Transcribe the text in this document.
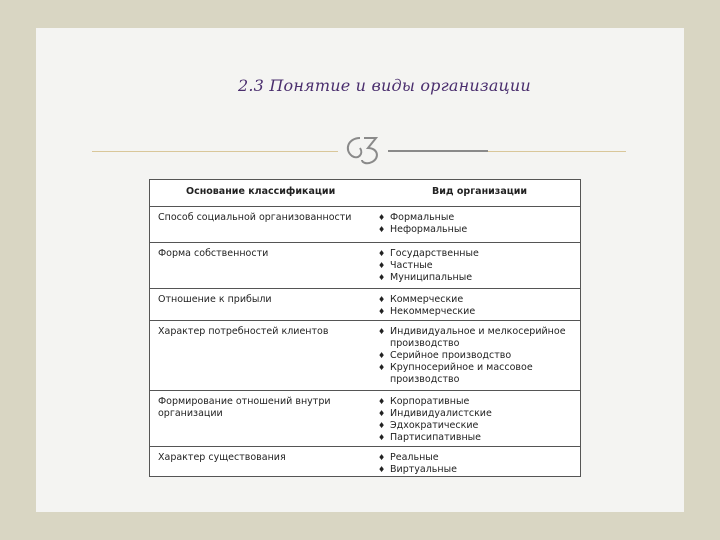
2.3 Понятие и виды организации
Основание классификации	Вид организации
Способ социальной организованности	♦ Формальные
♦ Неформальные
Форма собственности	♦ Государственные
♦ Частные
♦ Муниципальные
Отношение к прибыли	♦ Коммерческие
♦ Некоммерческие
Характер потребностей клиентов	♦ Индивидуальное и мелкосерийное производство
♦ Серийное производство
♦ Крупносерийное и массовое производство
Формирование отношений внутри организации
♦ Корпоративные
♦ Индивидуалистские
♦ Эдхократические
♦ Партисипативные
Характер существования	♦ Реальные
♦ Виртуальные
